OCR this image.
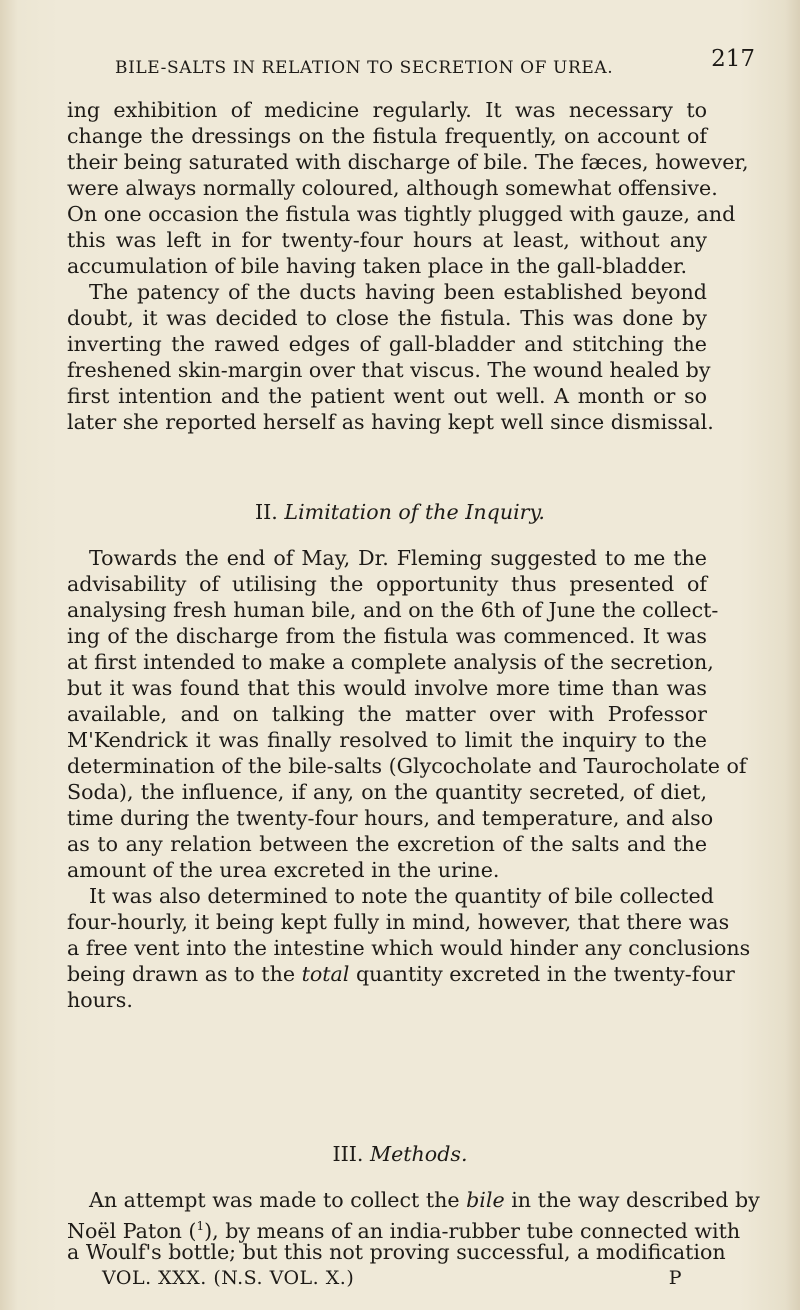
BILE-SALTS IN RELATION TO SECRETION OF UREA.	217
ing exhibition of medicine regularly. It was necessary to
change the dressings on the fistula frequently, on account of
their being saturated with discharge of bile. The fæces, however,
were always normally coloured, although somewhat offensive.
On one occasion the fistula was tightly plugged with gauze, and
this was left in for twenty-four hours at least, without any
accumulation of bile having taken place in the gall-bladder.
The patency of the ducts having been established beyond
doubt, it was decided to close the fistula. This was done by
inverting the rawed edges of gall-bladder and stitching the
freshened skin-margin over that viscus. The wound healed by
first intention and the patient went out well. A month or so
later she reported herself as having kept well since dismissal.
II. Limitation of the Inquiry.
Towards the end of May, Dr. Fleming suggested to me the
advisability of utilising the opportunity thus presented of
analysing fresh human bile, and on the 6th of June the collect-
ing of the discharge from the fistula was commenced. It was
at first intended to make a complete analysis of the secretion,
but it was found that this would involve more time than was
available, and on talking the matter over with Professor
M'Kendrick it was finally resolved to limit the inquiry to the
determination of the bile-salts (Glycocholate and Taurocholate of
Soda), the influence, if any, on the quantity secreted, of diet,
time during the twenty-four hours, and temperature, and also
as to any relation between the excretion of the salts and the
amount of the urea excreted in the urine.
It was also determined to note the quantity of bile collected
four-hourly, it being kept fully in mind, however, that there was
a free vent into the intestine which would hinder any conclusions
being drawn as to the total quantity excreted in the twenty-four
hours.
III. Methods.
An attempt was made to collect the bile in the way described by
Noël Paton ($^1$), by means of an india-rubber tube connected with
a Woulf's bottle; but this not proving successful, a modification
VOL. XXX. (N.S. VOL. X.)	P
